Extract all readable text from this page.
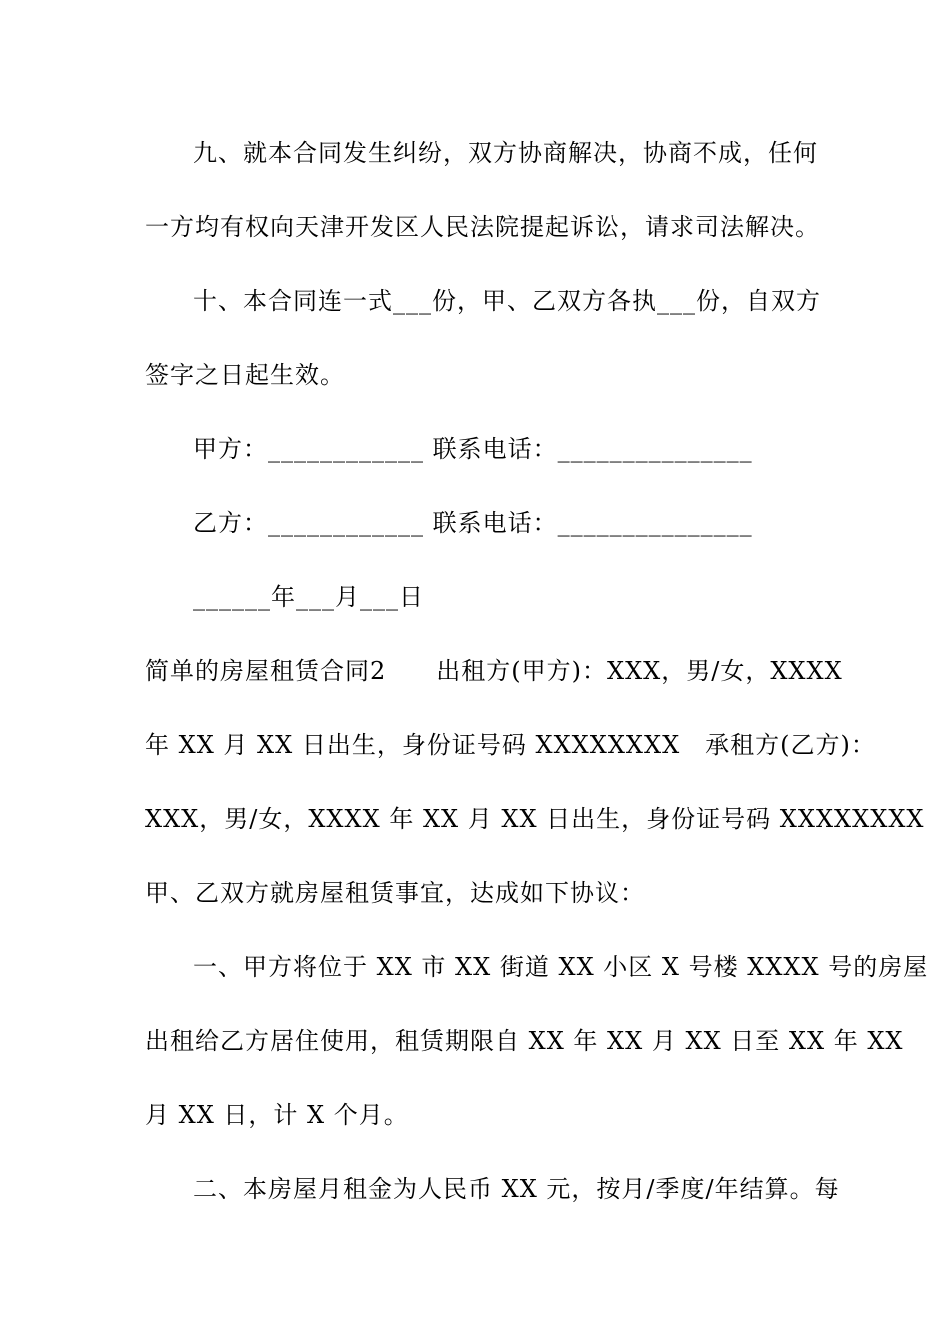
九、就本合同发生纠纷，双方协商解决，协商不成，任何
一方均有权向天津开发区人民法院提起诉讼，请求司法解决。
十、本合同连一式___份，甲、乙双方各执___份，自双方
签字之日起生效。
甲方：____________ 联系电话：_______________
乙方：____________ 联系电话：_______________
______年___月___日
简单的房屋租赁合同2　　出租方(甲方)：XXX，男/女，XXXX
年 XX 月 XX 日出生，身份证号码 XXXXXXXX　承租方(乙方)：
XXX，男/女，XXXX 年 XX 月 XX 日出生，身份证号码 XXXXXXXX
甲、乙双方就房屋租赁事宜，达成如下协议：
一、甲方将位于 XX 市 XX 街道 XX 小区 X 号楼 XXXX 号的房屋
出租给乙方居住使用，租赁期限自 XX 年 XX 月 XX 日至 XX 年 XX
月 XX 日，计 X 个月。
二、本房屋月租金为人民币 XX 元，按月/季度/年结算。每
